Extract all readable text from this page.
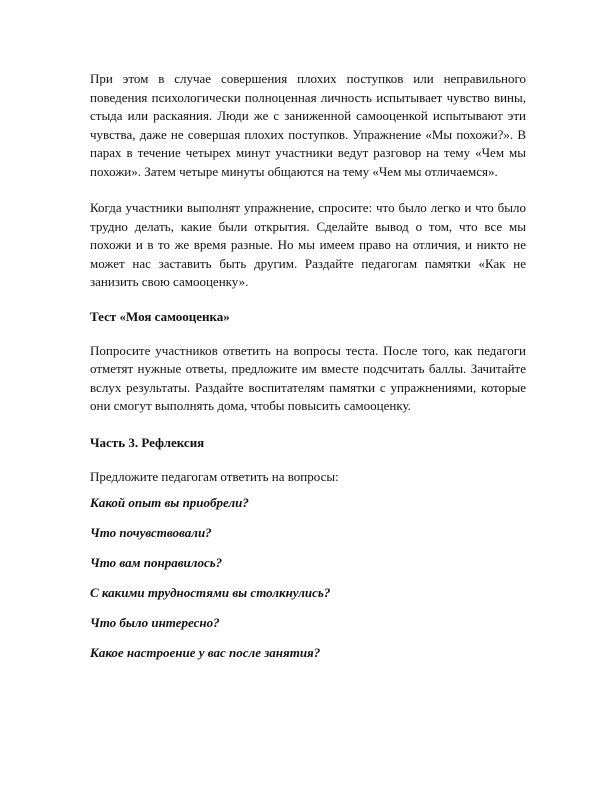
При этом в случае совершения плохих поступков или неправильного поведения психологически полноценная личность испытывает чувство вины, стыда или раскаяния. Люди же с заниженной самооценкой испытывают эти чувства, даже не совершая плохих поступков. Упражнение «Мы похожи?». В парах в течение четырех минут участники ведут разговор на тему «Чем мы похожи». Затем четыре минуты общаются на тему «Чем мы отличаемся».

Когда участники выполнят упражнение, спросите: что было легко и что было трудно делать, какие были открытия. Сделайте вывод о том, что все мы похожи и в то же время разные. Но мы имеем право на отличия, и никто не может нас заставить быть другим. Раздайте педагогам памятки «Как не занизить свою самооценку».

Тест «Моя самооценка»

Попросите участников ответить на вопросы теста. После того, как педагоги отметят нужные ответы, предложите им вместе подсчитать баллы. Зачитайте вслух результаты. Раздайте воспитателям памятки с упражнениями, которые они смогут выполнять дома, чтобы повысить самооценку.

Часть 3. Рефлексия

Предложите педагогам ответить на вопросы:

Какой опыт вы приобрели?

Что почувствовали?

Что вам понравилось?

С какими трудностями вы столкнулись?

Что было интересно?

Какое настроение у вас после занятия?
